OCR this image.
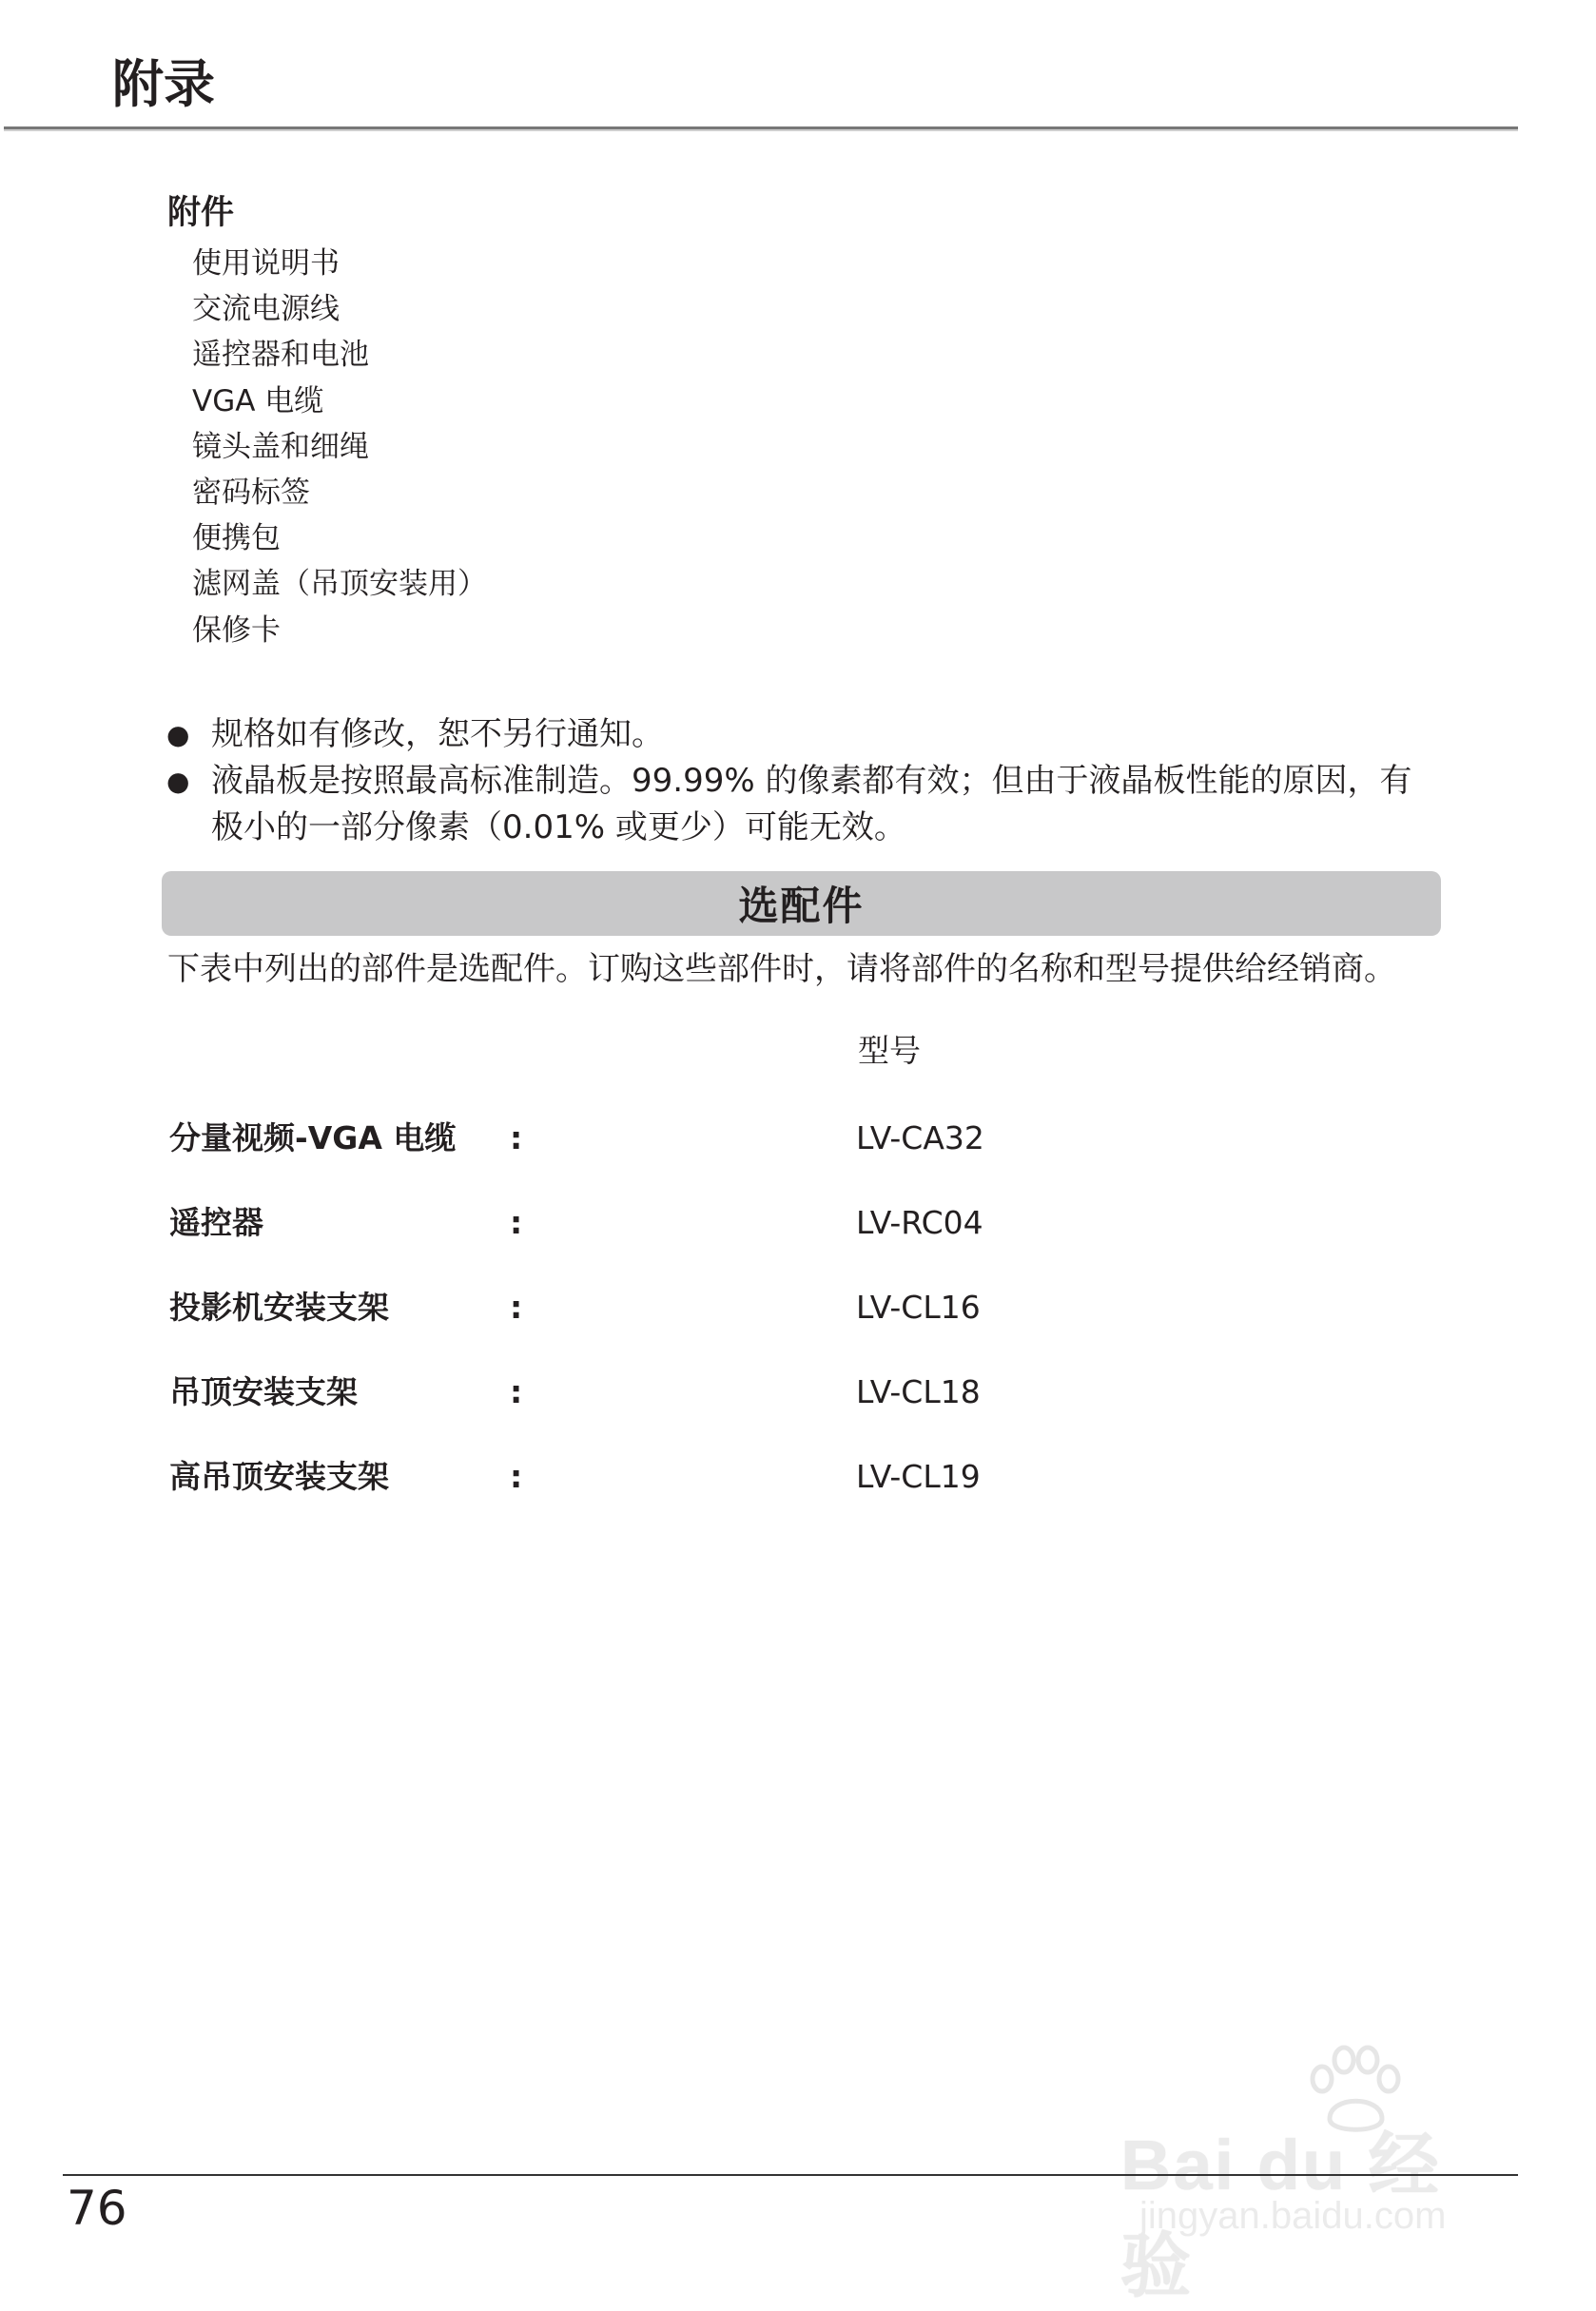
附录
附件
使用说明书
交流电源线
遥控器和电池
VGA 电缆
镜头盖和细绳
密码标签
便携包
滤网盖（吊顶安装用）
保修卡
● 规格如有修改，恕不另行通知。
● 液晶板是按照最高标准制造。99.99% 的像素都有效；但由于液晶板性能的原因，有极小的一部分像素（0.01% 或更少）可能无效。
选配件
下表中列出的部件是选配件。订购这些部件时，请将部件的名称和型号提供给经销商。
型号
分量视频-VGA 电缆 :	LV-CA32
遥控器	:	LV-RC04
投影机安装支架	:	LV-CL16
吊顶安装支架	:	LV-CL18
高吊顶安装支架	:	LV-CL19
Bai du 经验
jingyan.baidu.com
76
